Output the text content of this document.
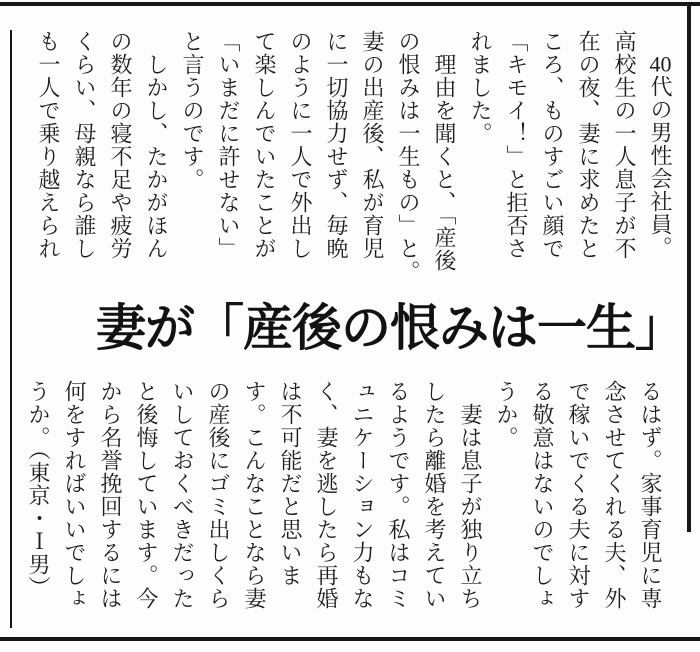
　40代の男性会社員。
高校生の一人息子が不
在の夜、妻に求めたと
ころ、ものすごい顔で
「キモイ！」と拒否さ
れました。
　理由を聞くと、「産後
の恨みは一生もの」と。
妻の出産後、私が育児
に一切協力せず、毎晩
のように一人で外出し
て楽しんでいたことが
「いまだに許せない」
と言うのです。
　しかし、たかがほん
の数年の寝不足や疲労
くらい、母親なら誰し
も一人で乗り越えられ
妻が「産後の恨みは一生」
るはず。家事育児に専
念させてくれる夫、外
で稼いでくる夫に対す
る敬意はないのでしょ
うか。
　妻は息子が独り立ち
したら離婚を考えてい
るようです。私はコミ
ュニケーション力もな
く、妻を逃したら再婚
は不可能だと思いま
す。こんなことなら妻
の産後にゴミ出しくら
いしておくべきだった
と後悔しています。今
から名誉挽回するには
何をすればいいでしょ
うか。（東京・Ｉ男）
